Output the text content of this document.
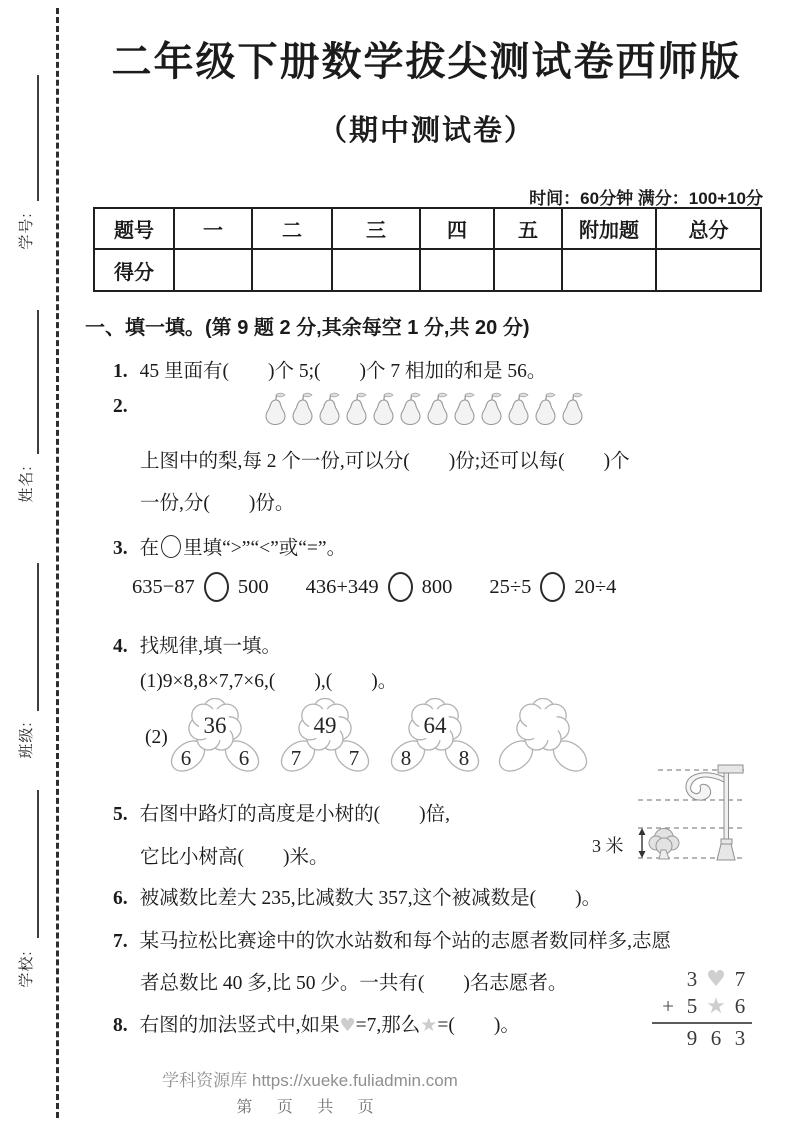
学号:
姓名:
班级:
学校:
二年级下册数学拔尖测试卷西师版
（期中测试卷）
时间：60分钟 满分：100+10分
题号	一	二	三	四	五	附加题	总分
得分							
一、填一填。(第 9 题 2 分,其余每空 1 分,共 20 分)
1. 45 里面有(　　)个 5;(　　)个 7 相加的和是 56。
2.
上图中的梨,每 2 个一份,可以分(　　)份;还可以每(　　)个
一份,分(　　)份。
3. 在 里填“>”“<”或“=”。
635−87 500 436+349 800 25÷5 20÷4
4. 找规律,填一填。
(1)9×8,8×7,7×6,(　　),(　　)。
(2) 36
6 6
49
7 7
64
8 8
3 米
5. 右图中路灯的高度是小树的(　　)倍,
它比小树高(　　)米。
6. 被减数比差大 235,比减数大 357,这个被减数是(　　)。
7. 某马拉松比赛途中的饮水站数和每个站的志愿者数同样多,志愿
者总数比 40 多,比 50 少。一共有(　　)名志愿者。
8. 右图的加法竖式中,如果♥=7,那么★=(　　)。
3 ♥ 7
+ 5 ★ 6
9 6 3
学科资源库 https://xueke.fuliadmin.com
第 页 共 页
